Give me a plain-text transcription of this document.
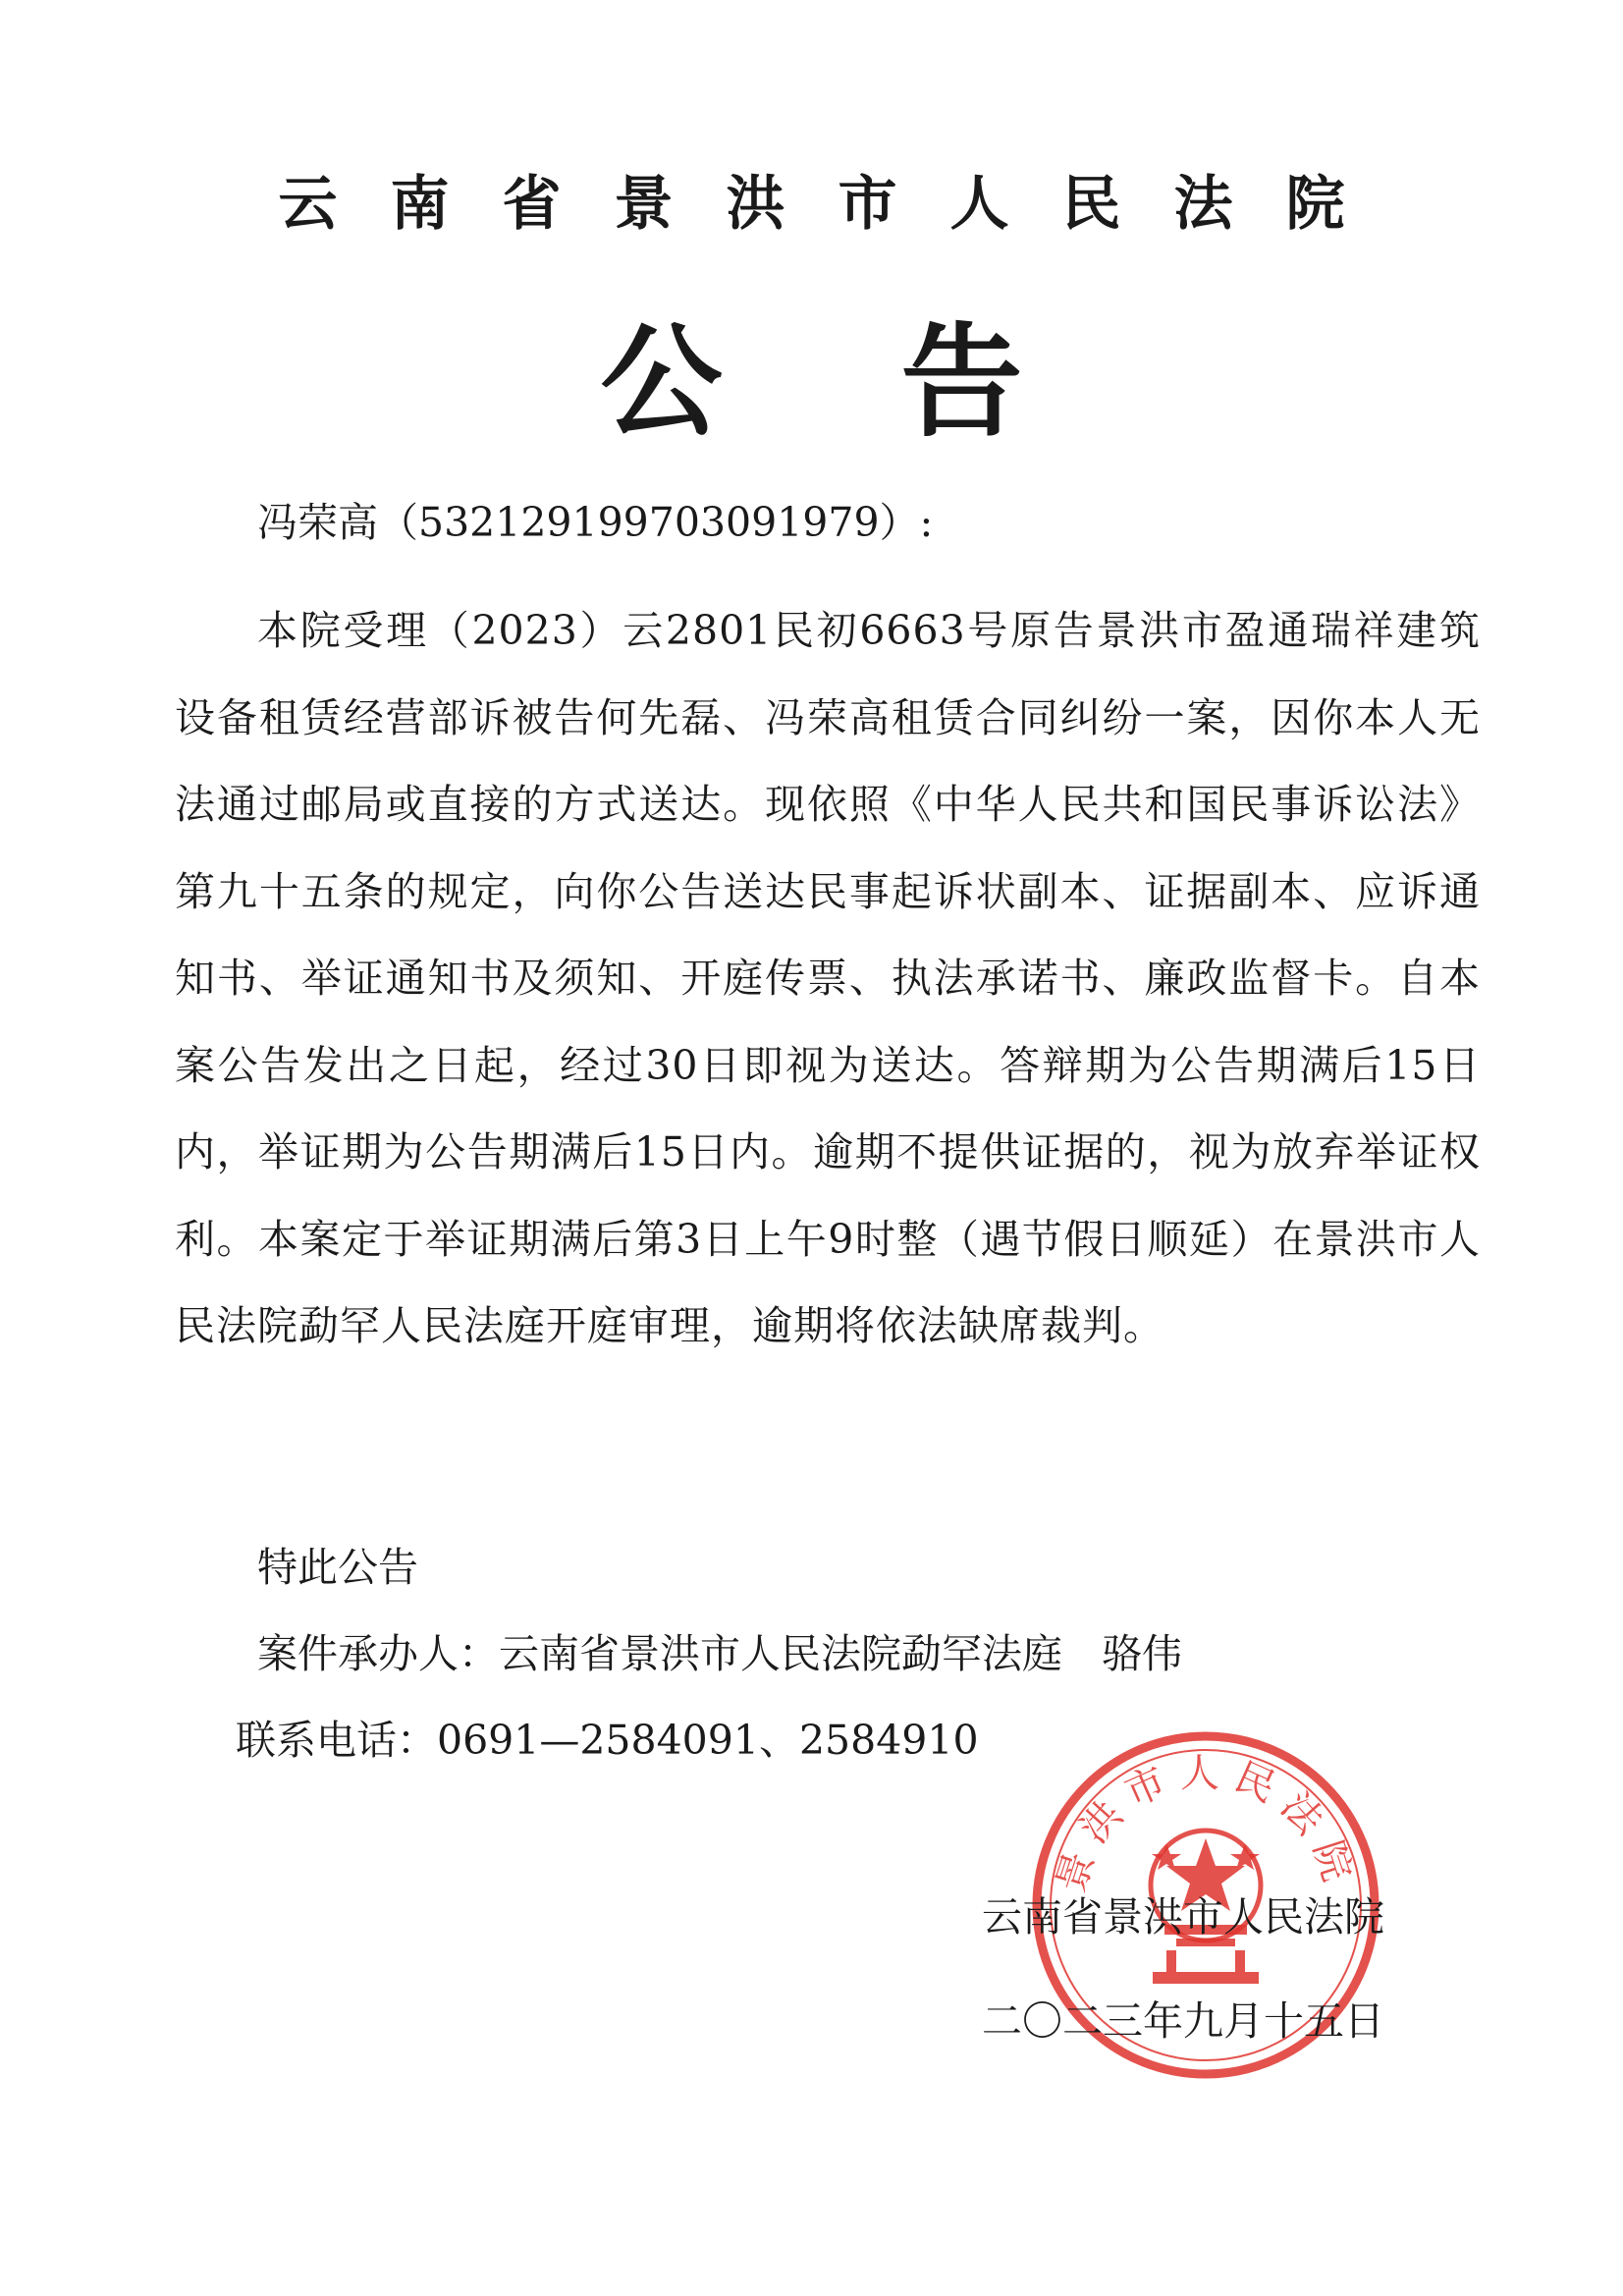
云南省景洪市人民法院
公告
冯荣高（532129199703091979）:
本院受理（2023）云2801民初6663号原告景洪市盈通瑞祥建筑设备租赁经营部诉被告何先磊、冯荣高租赁合同纠纷一案，因你本人无法通过邮局或直接的方式送达。现依照《中华人民共和国民事诉讼法》第九十五条的规定，向你公告送达民事起诉状副本、证据副本、应诉通知书、举证通知书及须知、开庭传票、执法承诺书、廉政监督卡。自本案公告发出之日起，经过30日即视为送达。答辩期为公告期满后15日内，举证期为公告期满后15日内。逾期不提供证据的，视为放弃举证权利。本案定于举证期满后第3日上午9时整（遇节假日顺延）在景洪市人民法院勐罕人民法庭开庭审理，逾期将依法缺席裁判。
特此公告
案件承办人：云南省景洪市人民法院勐罕法庭 骆伟
联系电话：0691—2584091、2584910
景洪市人民法院
云南省景洪市人民法院
二〇二三年九月十五日
